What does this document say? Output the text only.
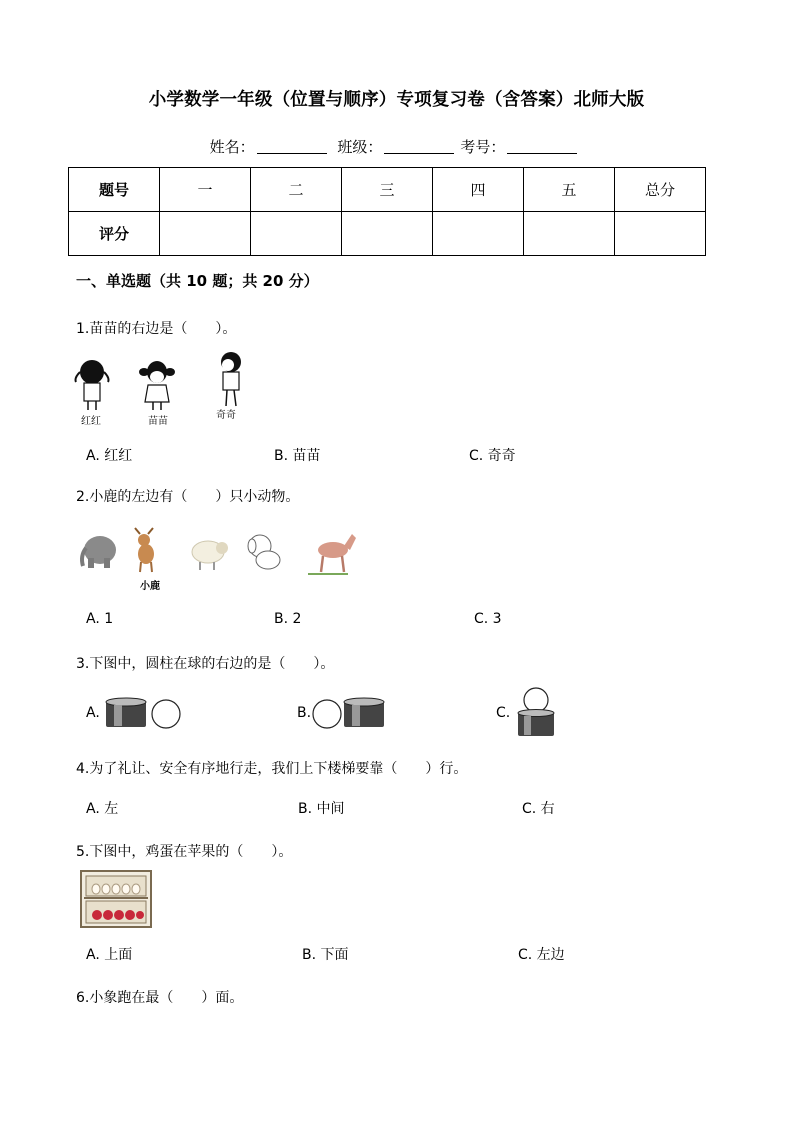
小学数学一年级（位置与顺序）专项复习卷（含答案）北师大版
姓名：	班级：	考号：
题号	一	二	三	四	五	总分
评分						
一、单选题（共 10 题；共 20 分）
1.苗苗的右边是（　　）。
红红	苗苗
奇奇
A. 红红	B. 苗苗	C. 奇奇
2.小鹿的左边有（　　）只小动物。
小鹿
A. 1	B. 2	C. 3
3.下图中，圆柱在球的右边的是（　　）。
A.	B.	C.
4.为了礼让、安全有序地行走，我们上下楼梯要靠（　　）行。
A. 左	B. 中间	C. 右
5.下图中，鸡蛋在苹果的（　　）。
A. 上面	B. 下面	C. 左边
6.小象跑在最（　　）面。
